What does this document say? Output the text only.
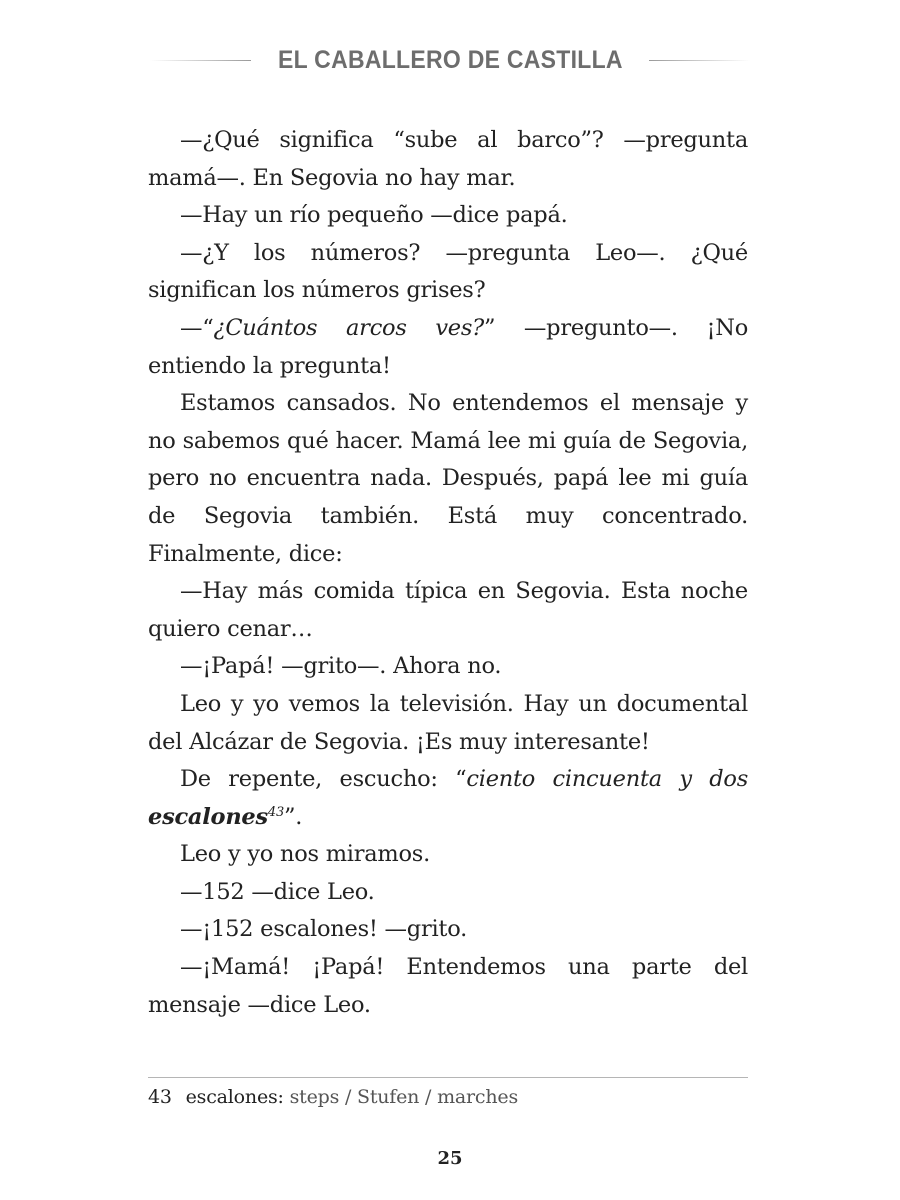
EL CABALLERO DE CASTILLA

—¿Qué significa “sube al barco”? —pregunta mamá—. En Segovia no hay mar.

—Hay un río pequeño —dice papá.

—¿Y los números? —pregunta Leo—. ¿Qué significan los números grises?

—“¿Cuántos arcos ves?” —pregunto—. ¡No entiendo la pregunta!

Estamos cansados. No entendemos el mensaje y no sabemos qué hacer. Mamá lee mi guía de Segovia, pero no encuentra nada. Después, papá lee mi guía de Segovia también. Está muy concentrado. Finalmente, dice:

—Hay más comida típica en Segovia. Esta noche quiero cenar…

—¡Papá! —grito—. Ahora no.

Leo y yo vemos la televisión. Hay un documental del Alcázar de Segovia. ¡Es muy interesante!

De repente, escucho: “ciento cincuenta y dos escalones$^{43}$”.

Leo y yo nos miramos.

—152 —dice Leo.

—¡152 escalones! —grito.

—¡Mamá! ¡Papá! Entendemos una parte del mensaje —dice Leo.

43 escalones: steps / Stufen / marches
25
